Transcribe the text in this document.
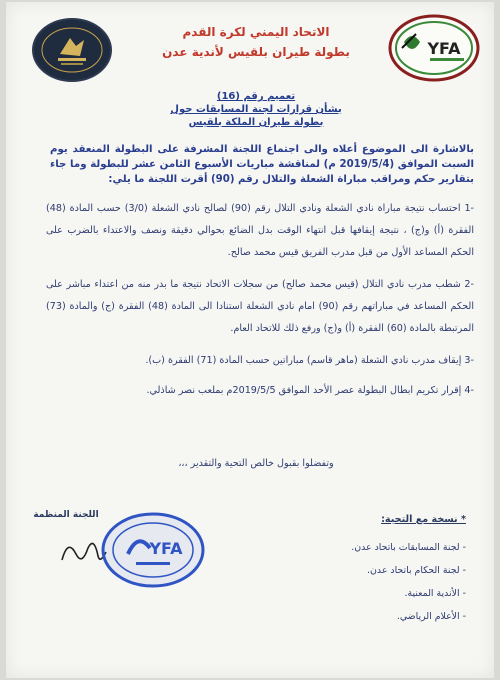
YFA
الاتحاد اليمني لكرة القدم
بطولة طيران بلقيس لأندية عدن
تعميم رقم (16)
بشأن قرارات لجنة المسابقات حول
بطولة طيران الملكة بلقيس
بالاشارة الى الموضوع أعلاه والى اجتماع اللجنة المشرفة على البطولة المنعقد يوم السبت الموافق (2019/5/4 م) لمناقشة مباريات الأسبوع الثامن عشر للبطولة وما جاء بتقارير حكم ومراقب مباراة الشعلة والتلال رقم (90) أقرت اللجنة ما يلي:
-1 احتساب نتيجة مباراة نادي الشعلة ونادي التلال رقم (90) لصالح نادي الشعلة (3/0) حسب المادة (48) الفقرة (أ) و(ج) ، نتيجة إيقافها قبل انتهاء الوقت بدل الضائع بحوالي دقيقة ونصف والاعتداء بالضرب على الحكم المساعد الأول من قبل مدرب الفريق قيس محمد صالح.
-2 شطب مدرب نادي التلال (قيس محمد صالح) من سجلات الاتحاد نتيجة ما بدر منه من اعتداء مباشر على الحكم المساعد في مباراتهم رقم (90) امام نادي الشعلة استنادا الى المادة (48) الفقرة (ج) والمادة (73) المرتبطة بالمادة (60) الفقرة (أ) و(ج) ورفع ذلك للاتحاد العام.
-3 إيقاف مدرب نادي الشعلة (ماهر قاسم) مباراتين حسب المادة (71) الفقرة (ب).
-4 إقرار تكريم ابطال البطولة عصر الأحد الموافق 2019/5/5م بملعب نصر شاذلي.
وتفضلوا بقبول خالص التحية والتقدير ،،،
اللجنة المنظمة
YFA
* نسخة مع التحية:
- لجنة المسابقات باتحاد عدن.
- لجنة الحكام باتحاد عدن.
- الأندية المعنية.
- الأعلام الرياضي.
